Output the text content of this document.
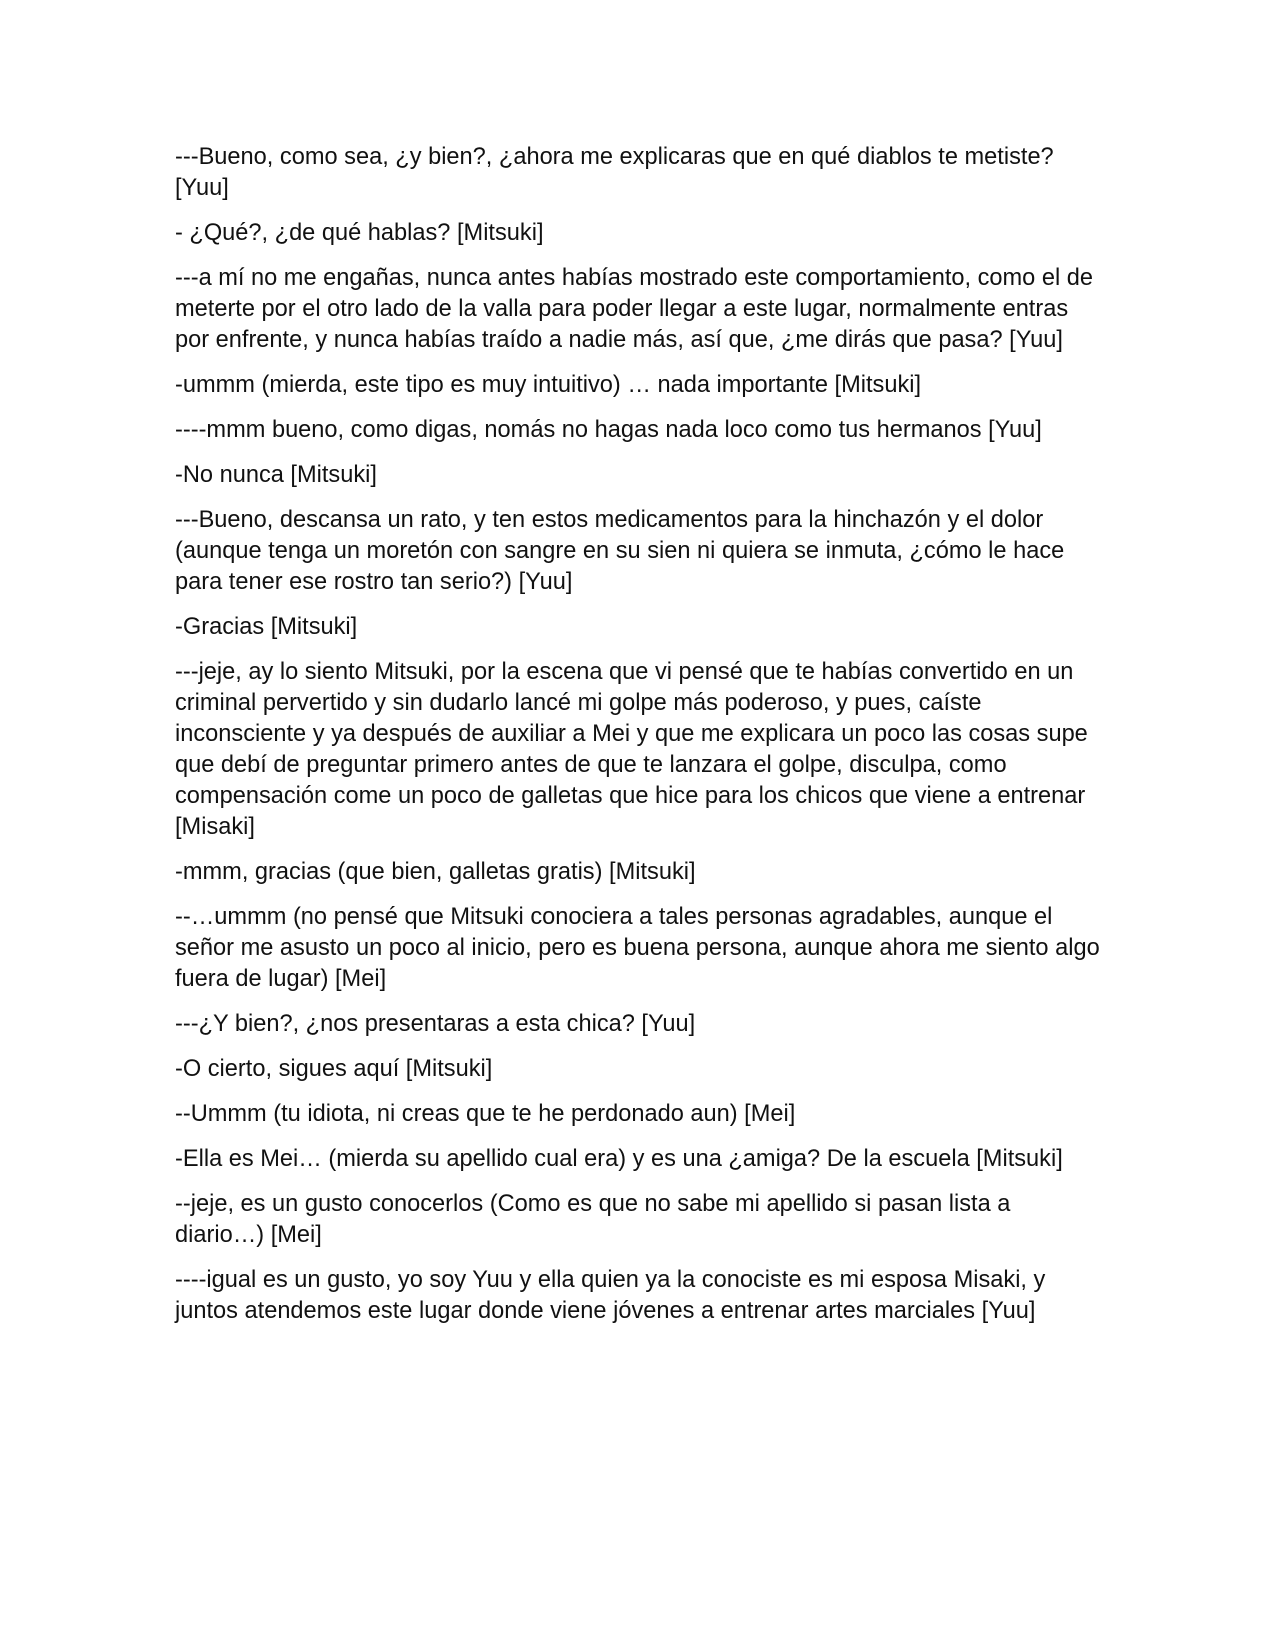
---Bueno, como sea, ¿y bien?, ¿ahora me explicaras que en qué diablos te metiste? [Yuu]

- ¿Qué?, ¿de qué hablas? [Mitsuki]

---a mí no me engañas, nunca antes habías mostrado este comportamiento, como el de meterte por el otro lado de la valla para poder llegar a este lugar, normalmente entras por enfrente, y nunca habías traído a nadie más, así que, ¿me dirás que pasa? [Yuu]

-ummm (mierda, este tipo es muy intuitivo) … nada importante [Mitsuki]

----mmm bueno, como digas, nomás no hagas nada loco como tus hermanos [Yuu]

-No nunca [Mitsuki]

---Bueno, descansa un rato, y ten estos medicamentos para la hinchazón y el dolor (aunque tenga un moretón con sangre en su sien ni quiera se inmuta, ¿cómo le hace para tener ese rostro tan serio?) [Yuu]

-Gracias [Mitsuki]

---jeje, ay lo siento Mitsuki, por la escena que vi pensé que te habías convertido en un criminal pervertido y sin dudarlo lancé mi golpe más poderoso, y pues, caíste inconsciente y ya después de auxiliar a Mei y que me explicara un poco las cosas supe que debí de preguntar primero antes de que te lanzara el golpe, disculpa, como compensación come un poco de galletas que hice para los chicos que viene a entrenar [Misaki]

-mmm, gracias (que bien, galletas gratis) [Mitsuki]

--…ummm (no pensé que Mitsuki conociera a tales personas agradables, aunque el señor me asusto un poco al inicio, pero es buena persona, aunque ahora me siento algo fuera de lugar) [Mei]

---¿Y bien?, ¿nos presentaras a esta chica? [Yuu]

-O cierto, sigues aquí [Mitsuki]

--Ummm (tu idiota, ni creas que te he perdonado aun) [Mei]

-Ella es Mei… (mierda su apellido cual era) y es una ¿amiga? De la escuela [Mitsuki]

--jeje, es un gusto conocerlos (Como es que no sabe mi apellido si pasan lista a diario…) [Mei]

----igual es un gusto, yo soy Yuu y ella quien ya la conociste es mi esposa Misaki, y juntos atendemos este lugar donde viene jóvenes a entrenar artes marciales [Yuu]
